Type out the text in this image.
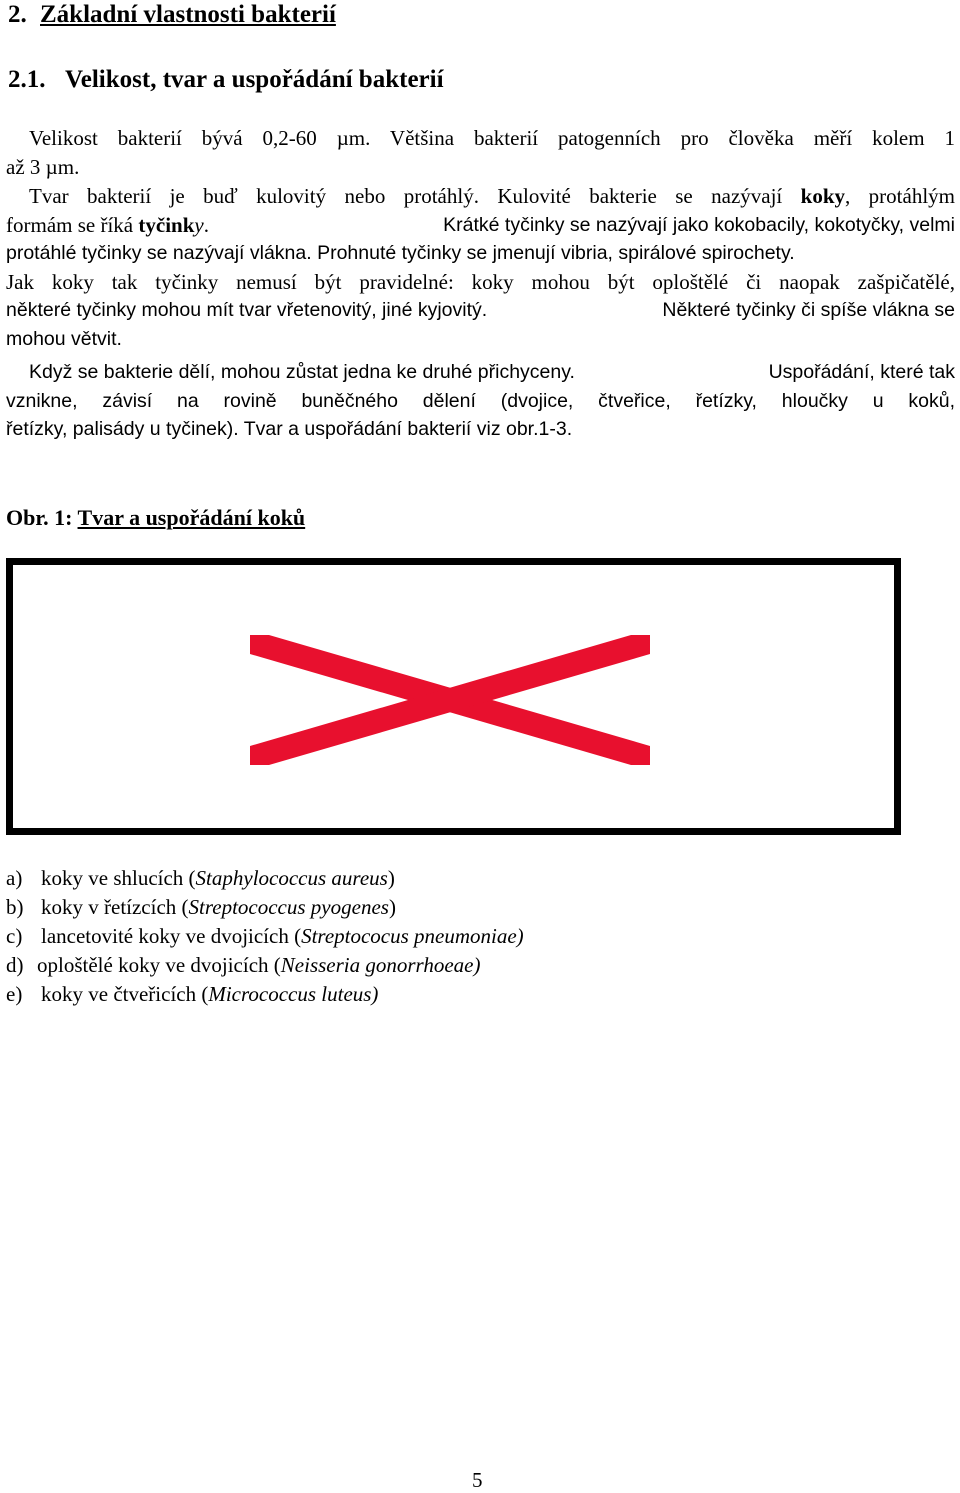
2. Základní vlastnosti bakterií
2.1. Velikost, tvar a uspořádání bakterií
Velikost bakterií bývá 0,2-60 µm. Většina bakterií patogenních pro člověka měří kolem 1
až 3 µm.
Tvar bakterií je buď kulovitý nebo protáhlý. Kulovité bakterie se nazývají koky, protáhlým
formám se říká tyčinky.	Krátké tyčinky se nazývají jako kokobacily, kokotyčky, velmi
protáhlé tyčinky se nazývají vlákna. Prohnuté tyčinky se jmenují vibria, spirálové spirochety.
Jak koky tak tyčinky nemusí být pravidelné: koky mohou být oploštělé či naopak zašpičatělé,
některé tyčinky mohou mít tvar vřetenovitý, jiné kyjovitý.	Některé tyčinky či spíše vlákna se
mohou větvit.
Když se bakterie dělí, mohou zůstat jedna ke druhé přichyceny.	Uspořádání, které tak
vznikne, závisí na rovině buněčného dělení (dvojice, čtveřice, řetízky, hloučky u koků,
řetízky, palisády u tyčinek). Tvar a uspořádání bakterií viz obr.1-3.
Obr. 1: Tvar a uspořádání koků
a) koky ve shlucích (Staphylococcus aureus)
b) koky v řetízcích (Streptococcus pyogenes)
c) lancetovité koky ve dvojicích (Streptococus pneumoniae)
d) oploštělé koky ve dvojicích (Neisseria gonorrhoeae)
e) koky ve čtveřicích (Micrococcus luteus)
5
